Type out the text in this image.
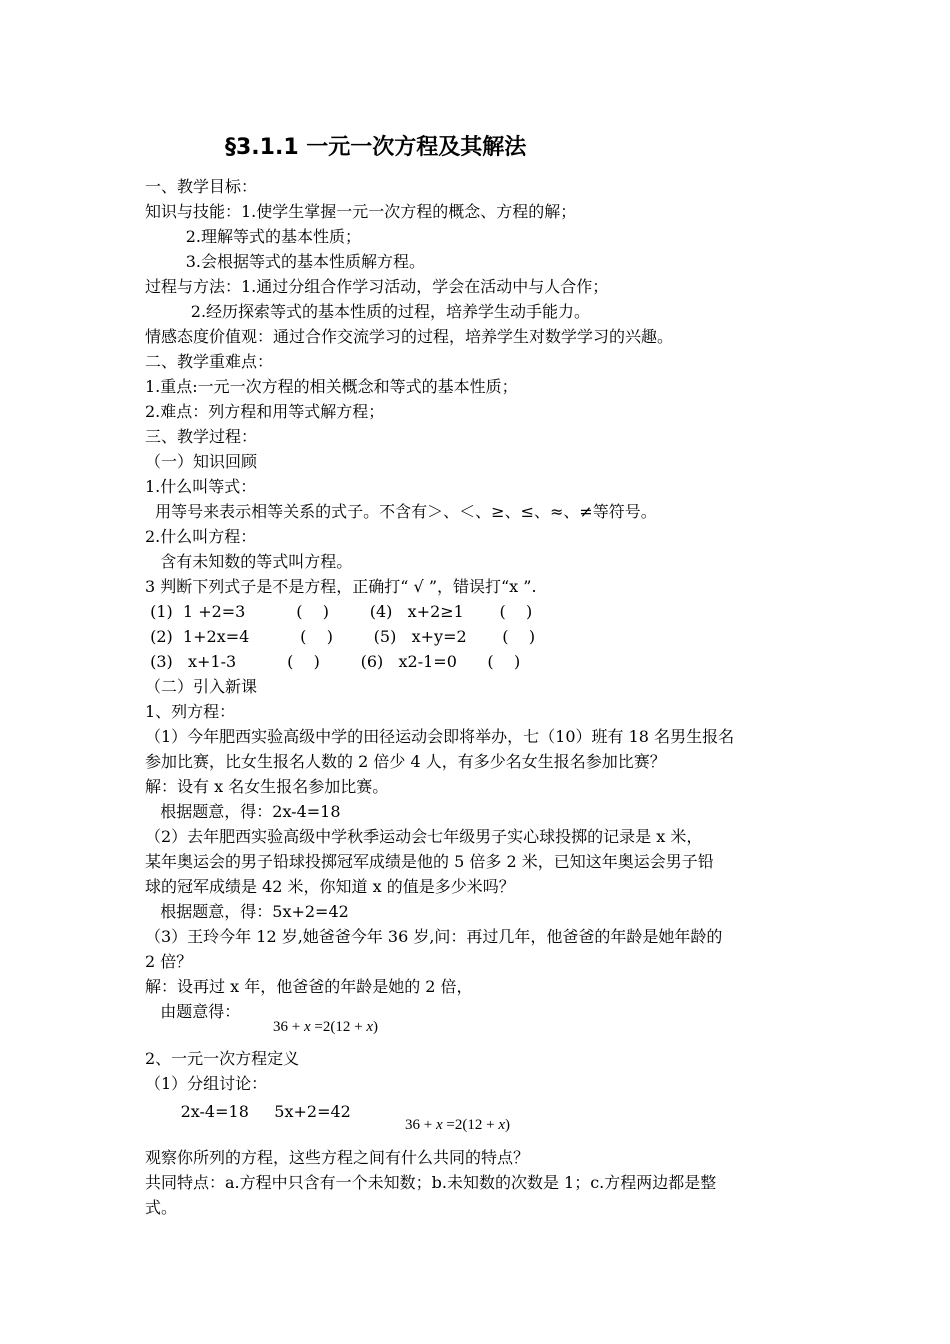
§3.1.1 一元一次方程及其解法
一、教学目标：
知识与技能：1.使学生掌握一元一次方程的概念、方程的解；
2.理解等式的基本性质；
3.会根据等式的基本性质解方程。
过程与方法：1.通过分组合作学习活动，学会在活动中与人合作；
2.经历探索等式的基本性质的过程，培养学生动手能力。
情感态度价值观：通过合作交流学习的过程，培养学生对数学学习的兴趣。
二、教学重难点：
1.重点:一元一次方程的相关概念和等式的基本性质；
2.难点：列方程和用等式解方程；
三、教学过程：
（一）知识回顾
1.什么叫等式：
用等号来表示相等关系的式子。不含有＞、＜、≥、≤、≈、≠等符号。
2.什么叫方程：
含有未知数的等式叫方程。
3 判断下列式子是不是方程，正确打“ √ ”，错误打“x ”.
(1)  1 +2=3          (    )        (4)   x+2≥1       (    )
(2)  1+2x=4          (    )        (5)   x+y=2       (    )
(3)   x+1-3          (    )        (6)   x2-1=0      (    )
（二）引入新课
1、列方程：
（1）今年肥西实验高级中学的田径运动会即将举办，七（10）班有 18 名男生报名
参加比赛，比女生报名人数的 2 倍少 4 人，有多少名女生报名参加比赛？
解：设有 x 名女生报名参加比赛。
根据题意，得：2x-4=18
（2）去年肥西实验高级中学秋季运动会七年级男子实心球投掷的记录是 x 米，
某年奥运会的男子铅球投掷冠军成绩是他的 5 倍多 2 米，已知这年奥运会男子铅
球的冠军成绩是 42 米，你知道 x 的值是多少米吗？
根据题意，得：5x+2=42
（3）王玲今年 12 岁,她爸爸今年 36 岁,问：再过几年，他爸爸的年龄是她年龄的
2 倍？
解：设再过 x 年，他爸爸的年龄是她的 2 倍，
由题意得：

36 + x =2(12 + x)

2、一元一次方程定义
（1）分组讨论：
2x-4=18     5x+2=42

36 + x =2(12 + x)

观察你所列的方程，这些方程之间有什么共同的特点？
共同特点：a.方程中只含有一个未知数；b.未知数的次数是 1；c.方程两边都是整
式。
